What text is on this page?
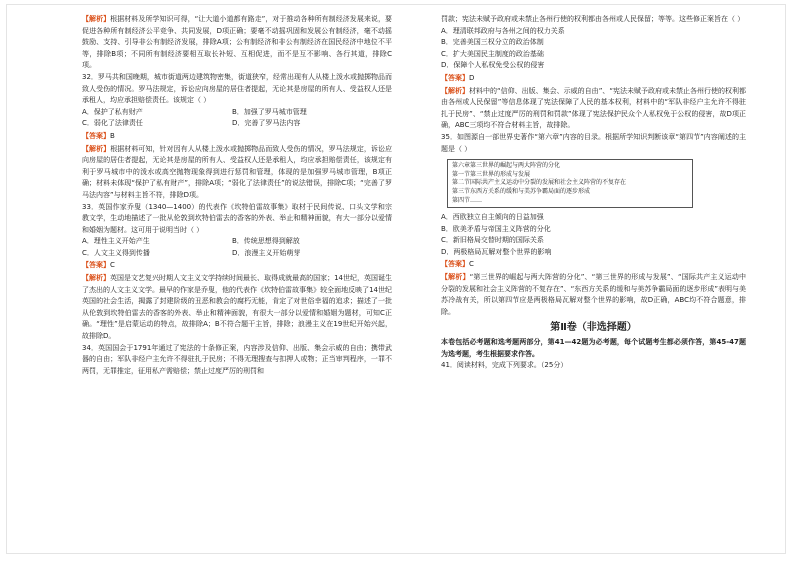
【解析】根据材料及所学知识可得，“让大道小道都有路走”，对于推动各种所有制经济发展来说，要促进各种所有制经济公平竞争、共同发展，D项正确；要毫不动摇巩固和发展公有制经济，毫不动摇鼓励、支持、引导非公有制经济发展，排除A项；公有制经济和非公有制经济在国民经济中地位不平等，排除B项；不同所有制经济要相互取长补短、互相促进，而不是互不影响、各行其道，排除C项。

32．罗马共和国晚期，城市街道两边建筑物密集，街道狭窄，经常出现有人从楼上泼水或抛掷物品而致人受伤的情况。罗马法规定，诉讼应向房屋的居住者提起，无论其是房屋的所有人、受益权人还是承租人，均应承担赔偿责任。该规定（ ）

A．保护了私有财产	B．加强了罗马城市管理
C．弱化了法律责任	D．完善了罗马法内容

【答案】B

【解析】根据材料可知，针对因有人从楼上泼水或抛掷物品而致人受伤的情况，罗马法规定，诉讼应向房屋的居住者提起，无论其是房屋的所有人、受益权人还是承租人，均应承担赔偿责任，该规定有利于罗马城市中的泼水或高空抛物现象得到进行惩罚和管理，体现的是加强罗马城市管理，B项正确；材料未体现“保护了私有财产”，排除A项；“弱化了法律责任”的说法错误，排除C项；“完善了罗马法内容”与材料主旨不符，排除D项。

33．英国作家乔叟（1340—1400）的代表作《坎特伯雷故事集》取材于民间传说、口头文学和宗教文学，生动地描述了一批从伦敦到坎特伯雷去的香客的外表、举止和精神面貌，有大一部分以爱情和婚姻为题材。这可用于说明当时（ ）

A．理性主义开始产生	B．传统思想得到解放
C．人文主义得到传播	D．浪漫主义开始萌芽

【答案】C

【解析】英国是文艺复兴时期人文主义文学持续时间最长、取得成就最高的国家；14世纪，英国诞生了杰出的人文主义文学。最早的作家是乔叟，他的代表作《坎特伯雷故事集》较全面地反映了14世纪英国的社会生活，揭露了封建阶级的丑恶和教会的腐朽无能，肯定了对世俗幸福的追求；描述了一批从伦敦到坎特伯雷去的香客的外表、举止和精神面貌，有很大一部分以爱情和婚姻为题材，可知C正确。“理性”是启蒙运动的特点，故排除A；B不符合题干主旨，排除；浪漫主义在19世纪开始兴起，故排除D。

34．英国国会于1791年通过了宪法的十条修正案，内容涉及信仰、出版、集会示威的自由；携带武器的自由；军队非经户主允许不得驻扎于民房；不得无理搜查与扣押人或物；正当审判程序，一罪不两罚，无罪推定，征用私产需赔偿；禁止过度严厉的刑罚和

罚款；宪法未赋予政府或未禁止各州行使的权利都由各州或人民保留；等等。这些修正案旨在（ ）

A．理清联邦政府与各州之间的权力关系
B．完善美国三权分立的政治体制
C．扩大美国民主制度的政治基础
D．保障个人私权免受公权的侵害

【答案】D

【解析】材料中的“信仰、出版、集会、示威的自由”、“宪法未赋予政府或未禁止各州行使的权利都由各州或人民保留”等信息体现了宪法保障了人民的基本权利，材料中的“军队非经户主允许不得驻扎于民房”、“禁止过度严厉的刑罚和罚款”体现了宪法保护民众个人私权免于公权的侵害，故D项正确，ABC三项均不符合材料主旨，故排除。

35．如图源自一部世界史著作“第六章”内容的目录。根据所学知识判断该章“第四节”内容阐述的主题是（ ）

第六章第三世界的崛起与两大阵营的分化
第一节第三世界的形成与发展
第二节国际共产主义运动中分裂的发展和社会主义阵营的不复存在
第三节东西方关系的缓和与美苏争霸局面的逐步形成
第四节……
A．西欧独立自主倾向的日益加强
B．欧美矛盾与帝国主义阵营的分化
C．新旧格局交替时期的国际关系
D．两极格局瓦解对整个世界的影响

【答案】C

【解析】“第三世界的崛起与两大阵营的分化”、“第三世界的形成与发展”、“国际共产主义运动中分裂的发展和社会主义阵营的不复存在”、“东西方关系的缓和与美苏争霸局面的逐步形成”表明与美苏冷战有关，所以第四节应是两极格局瓦解对整个世界的影响，故D正确，ABC均不符合题意，排除。

第Ⅱ卷（非选择题）

本卷包括必考题和选考题两部分，第41—42题为必考题，每个试题考生都必须作答，第45-47题为选考题，考生根据要求作答。

41．阅读材料，完成下列要求。（25分）
